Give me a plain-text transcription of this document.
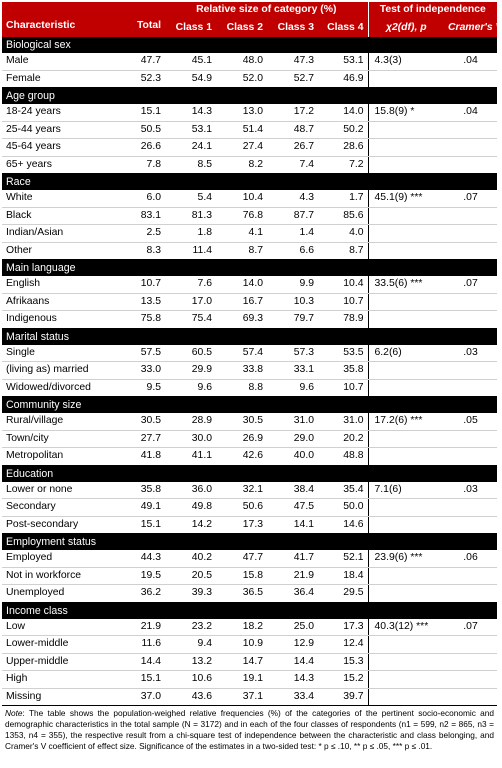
Characteristic	Total	Relative size of category (%)				Test of independence	
		Class 1	Class 2	Class 3	Class 4	χ2(df), p	Cramer's V
Biological sex							
Male	47.7	45.1	48.0	47.3	53.1	4.3(3)	.04
Female	52.3	54.9	52.0	52.7	46.9		
Age group							
18-24 years	15.1	14.3	13.0	17.2	14.0	15.8(9) *	.04
25-44 years	50.5	53.1	51.4	48.7	50.2		
45-64 years	26.6	24.1	27.4	26.7	28.6		
65+ years	7.8	8.5	8.2	7.4	7.2		
Race							
White	6.0	5.4	10.4	4.3	1.7	45.1(9) ***	.07
Black	83.1	81.3	76.8	87.7	85.6		
Indian/Asian	2.5	1.8	4.1	1.4	4.0		
Other	8.3	11.4	8.7	6.6	8.7		
Main language							
English	10.7	7.6	14.0	9.9	10.4	33.5(6) ***	.07
Afrikaans	13.5	17.0	16.7	10.3	10.7		
Indigenous	75.8	75.4	69.3	79.7	78.9		
Marital status							
Single	57.5	60.5	57.4	57.3	53.5	6.2(6)	.03
(living as) married	33.0	29.9	33.8	33.1	35.8		
Widowed/divorced	9.5	9.6	8.8	9.6	10.7		
Community size							
Rural/village	30.5	28.9	30.5	31.0	31.0	17.2(6) ***	.05
Town/city	27.7	30.0	26.9	29.0	20.2		
Metropolitan	41.8	41.1	42.6	40.0	48.8		
Education							
Lower or none	35.8	36.0	32.1	38.4	35.4	7.1(6)	.03
Secondary	49.1	49.8	50.6	47.5	50.0		
Post-secondary	15.1	14.2	17.3	14.1	14.6		
Employment status							
Employed	44.3	40.2	47.7	41.7	52.1	23.9(6) ***	.06
Not in workforce	19.5	20.5	15.8	21.9	18.4		
Unemployed	36.2	39.3	36.5	36.4	29.5		
Income class							
Low	21.9	23.2	18.2	25.0	17.3	40.3(12) ***	.07
Lower-middle	11.6	9.4	10.9	12.9	12.4		
Upper-middle	14.4	13.2	14.7	14.4	15.3		
High	15.1	10.6	19.1	14.3	15.2		
Missing	37.0	43.6	37.1	33.4	39.7		
Note: The table shows the population-weighed relative frequencies (%) of the categories of the pertinent socio-economic and demographic characteristics in the total sample (N = 3172) and in each of the four classes of respondents (n1 = 599, n2 = 865, n3 = 1353, n4 = 355), the respective result from a chi-square test of independence between the characteristic and class belonging, and Cramer's V coefficient of effect size. Significance of the estimates in a two-sided test: * p ≤ .10, ** p ≤ .05, *** p ≤ .01.
